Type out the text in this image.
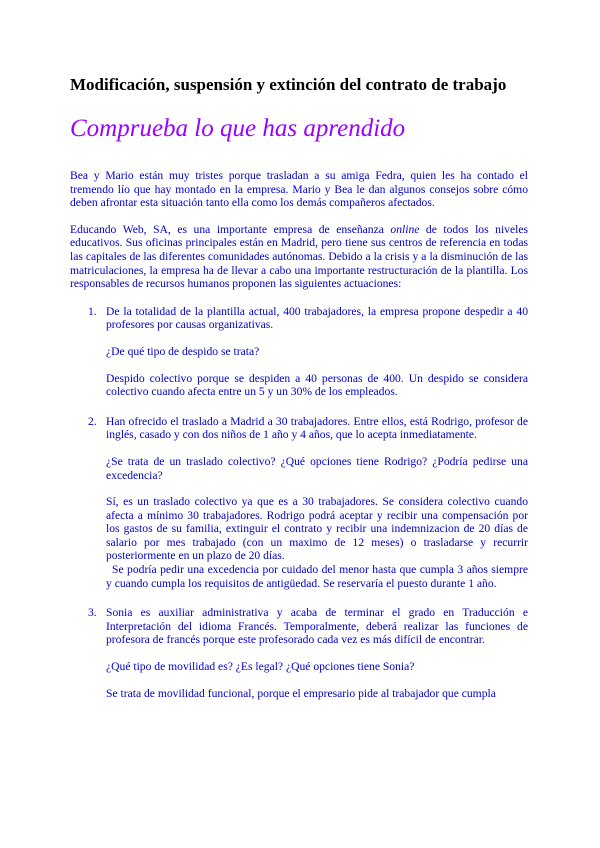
Modificación, suspensión y extinción del contrato de trabajo
Comprueba lo que has aprendido

Bea y Mario están muy tristes porque trasladan a su amiga Fedra, quien les ha contado el tremendo lío que hay montado en la empresa. Mario y Bea le dan algunos consejos sobre cómo deben afrontar esta situación tanto ella como los demás compañeros afectados.

Educando Web, SA, es una importante empresa de enseñanza online de todos los niveles educativos. Sus oficinas principales están en Madrid, pero tiene sus centros de referencia en todas las capitales de las diferentes comunidades autónomas. Debido a la crisis y a la disminución de las matriculaciones, la empresa ha de llevar a cabo una importante restructuración de la plantilla. Los responsables de recursos humanos proponen las siguientes actuaciones:

1. De la totalidad de la plantilla actual, 400 trabajadores, la empresa propone despedir a 40 profesores por causas organizativas.

¿De qué tipo de despido se trata?

Despido colectivo porque se despiden a 40 personas de 400. Un despido se considera colectivo cuando afecta entre un 5 y un 30% de los empleados.

2. Han ofrecido el traslado a Madrid a 30 trabajadores. Entre ellos, está Rodrigo, profesor de inglés, casado y con dos niños de 1 año y 4 años, que lo acepta inmediatamente.

¿Se trata de un traslado colectivo? ¿Qué opciones tiene Rodrigo? ¿Podría pedirse una excedencia?

Sí, es un traslado colectivo ya que es a 30 trabajadores. Se considera colectivo cuando afecta a mínimo 30 trabajadores. Rodrigo podrá aceptar y recibir una compensación por los gastos de su familia, extinguir el contrato y recibir una indemnizacion de 20 días de salario por mes trabajado (con un maximo de 12 meses) o trasladarse y recurrir posteriormente en un plazo de 20 días.

Se podría pedir una excedencia por cuidado del menor hasta que cumpla 3 años siempre y cuando cumpla los requisitos de antigüedad. Se reservaría el puesto durante 1 año.

3. Sonia es auxiliar administrativa y acaba de terminar el grado en Traducción e Interpretación del idioma Francés. Temporalmente, deberá realizar las funciones de profesora de francés porque este profesorado cada vez es más difícil de encontrar.

¿Qué tipo de movilidad es? ¿Es legal? ¿Qué opciones tiene Sonia?

Se trata de movilidad funcional, porque el empresario pide al trabajador que cumpla
